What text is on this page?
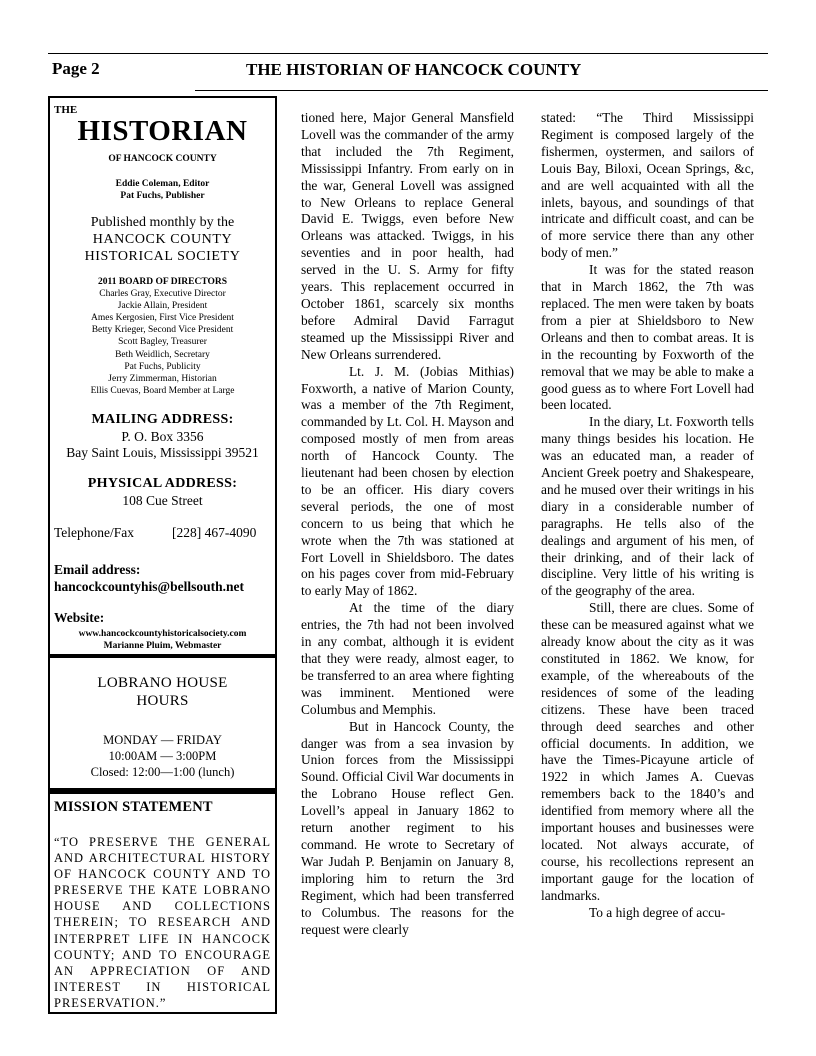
Page 2	THE HISTORIAN OF HANCOCK COUNTY
THE
HISTORIAN
OF HANCOCK COUNTY
Eddie Coleman, Editor
Pat Fuchs, Publisher
Published monthly by the
HANCOCK COUNTY
HISTORICAL SOCIETY
2011 BOARD OF DIRECTORS
Charles Gray, Executive Director
Jackie Allain, President
Ames Kergosien, First Vice President
Betty Krieger, Second Vice President
Scott Bagley, Treasurer
Beth Weidlich, Secretary
Pat Fuchs, Publicity
Jerry Zimmerman, Historian
Ellis Cuevas, Board Member at Large
MAILING ADDRESS:
P. O. Box 3356
Bay Saint Louis, Mississippi 39521
PHYSICAL ADDRESS:
108 Cue Street
Telephone/Fax	[228] 467-4090
Email address:
hancockcountyhis@bellsouth.net
Website:
www.hancockcountyhistoricalsociety.com
Marianne Pluim, Webmaster
LOBRANO HOUSE
HOURS
MONDAY — FRIDAY
10:00AM — 3:00PM
Closed: 12:00—1:00 (lunch)
MISSION STATEMENT
“TO PRESERVE THE GENERAL AND ARCHITECTURAL HISTORY OF HANCOCK COUNTY AND TO PRESERVE THE KATE LOBRANO HOUSE AND COLLECTIONS THEREIN; TO RESEARCH AND INTERPRET LIFE IN HANCOCK COUNTY; AND TO ENCOURAGE AN APPRECIATION OF AND INTEREST IN HISTORICAL PRESERVATION.”

tioned here, Major General Mansfield Lovell was the commander of the army that included the 7th Regiment, Mississippi Infantry. From early on in the war, General Lovell was assigned to New Orleans to replace General David E. Twiggs, even before New Orleans was attacked. Twiggs, in his seventies and in poor health, had served in the U. S. Army for fifty years. This replacement occurred in October 1861, scarcely six months before Admiral David Farragut steamed up the Mississippi River and New Orleans surrendered.

Lt. J. M. (Jobias Mithias) Foxworth, a native of Marion County, was a member of the 7th Regiment, commanded by Lt. Col. H. Mayson and composed mostly of men from areas north of Hancock County. The lieutenant had been chosen by election to be an officer. His diary covers several periods, the one of most concern to us being that which he wrote when the 7th was stationed at Fort Lovell in Shieldsboro. The dates on his pages cover from mid-February to early May of 1862.

At the time of the diary entries, the 7th had not been involved in any combat, although it is evident that they were ready, almost eager, to be transferred to an area where fighting was imminent. Mentioned were Columbus and Memphis.

But in Hancock County, the danger was from a sea invasion by Union forces from the Mississippi Sound. Official Civil War documents in the Lobrano House reflect Gen. Lovell’s appeal in January 1862 to return another regiment to his command. He wrote to Secretary of War Judah P. Benjamin on January 8, imploring him to return the 3rd Regiment, which had been transferred to Columbus. The reasons for the request were clearly

stated: “The Third Mississippi Regiment is composed largely of the fishermen, oystermen, and sailors of Louis Bay, Biloxi, Ocean Springs, &c, and are well acquainted with all the inlets, bayous, and soundings of that intricate and difficult coast, and can be of more service there than any other body of men.”

It was for the stated reason that in March 1862, the 7th was replaced. The men were taken by boats from a pier at Shieldsboro to New Orleans and then to combat areas. It is in the recounting by Foxworth of the removal that we may be able to make a good guess as to where Fort Lovell had been located.

In the diary, Lt. Foxworth tells many things besides his location. He was an educated man, a reader of Ancient Greek poetry and Shakespeare, and he mused over their writings in his diary in a considerable number of paragraphs. He tells also of the dealings and argument of his men, of their drinking, and of their lack of discipline. Very little of his writing is of the geography of the area.

Still, there are clues. Some of these can be measured against what we already know about the city as it was constituted in 1862. We know, for example, of the whereabouts of the residences of some of the leading citizens. These have been traced through deed searches and other official documents. In addition, we have the Times-Picayune article of 1922 in which James A. Cuevas remembers back to the 1840’s and identified from memory where all the important houses and businesses were located. Not always accurate, of course, his recollections represent an important gauge for the location of landmarks.

To a high degree of accu-
